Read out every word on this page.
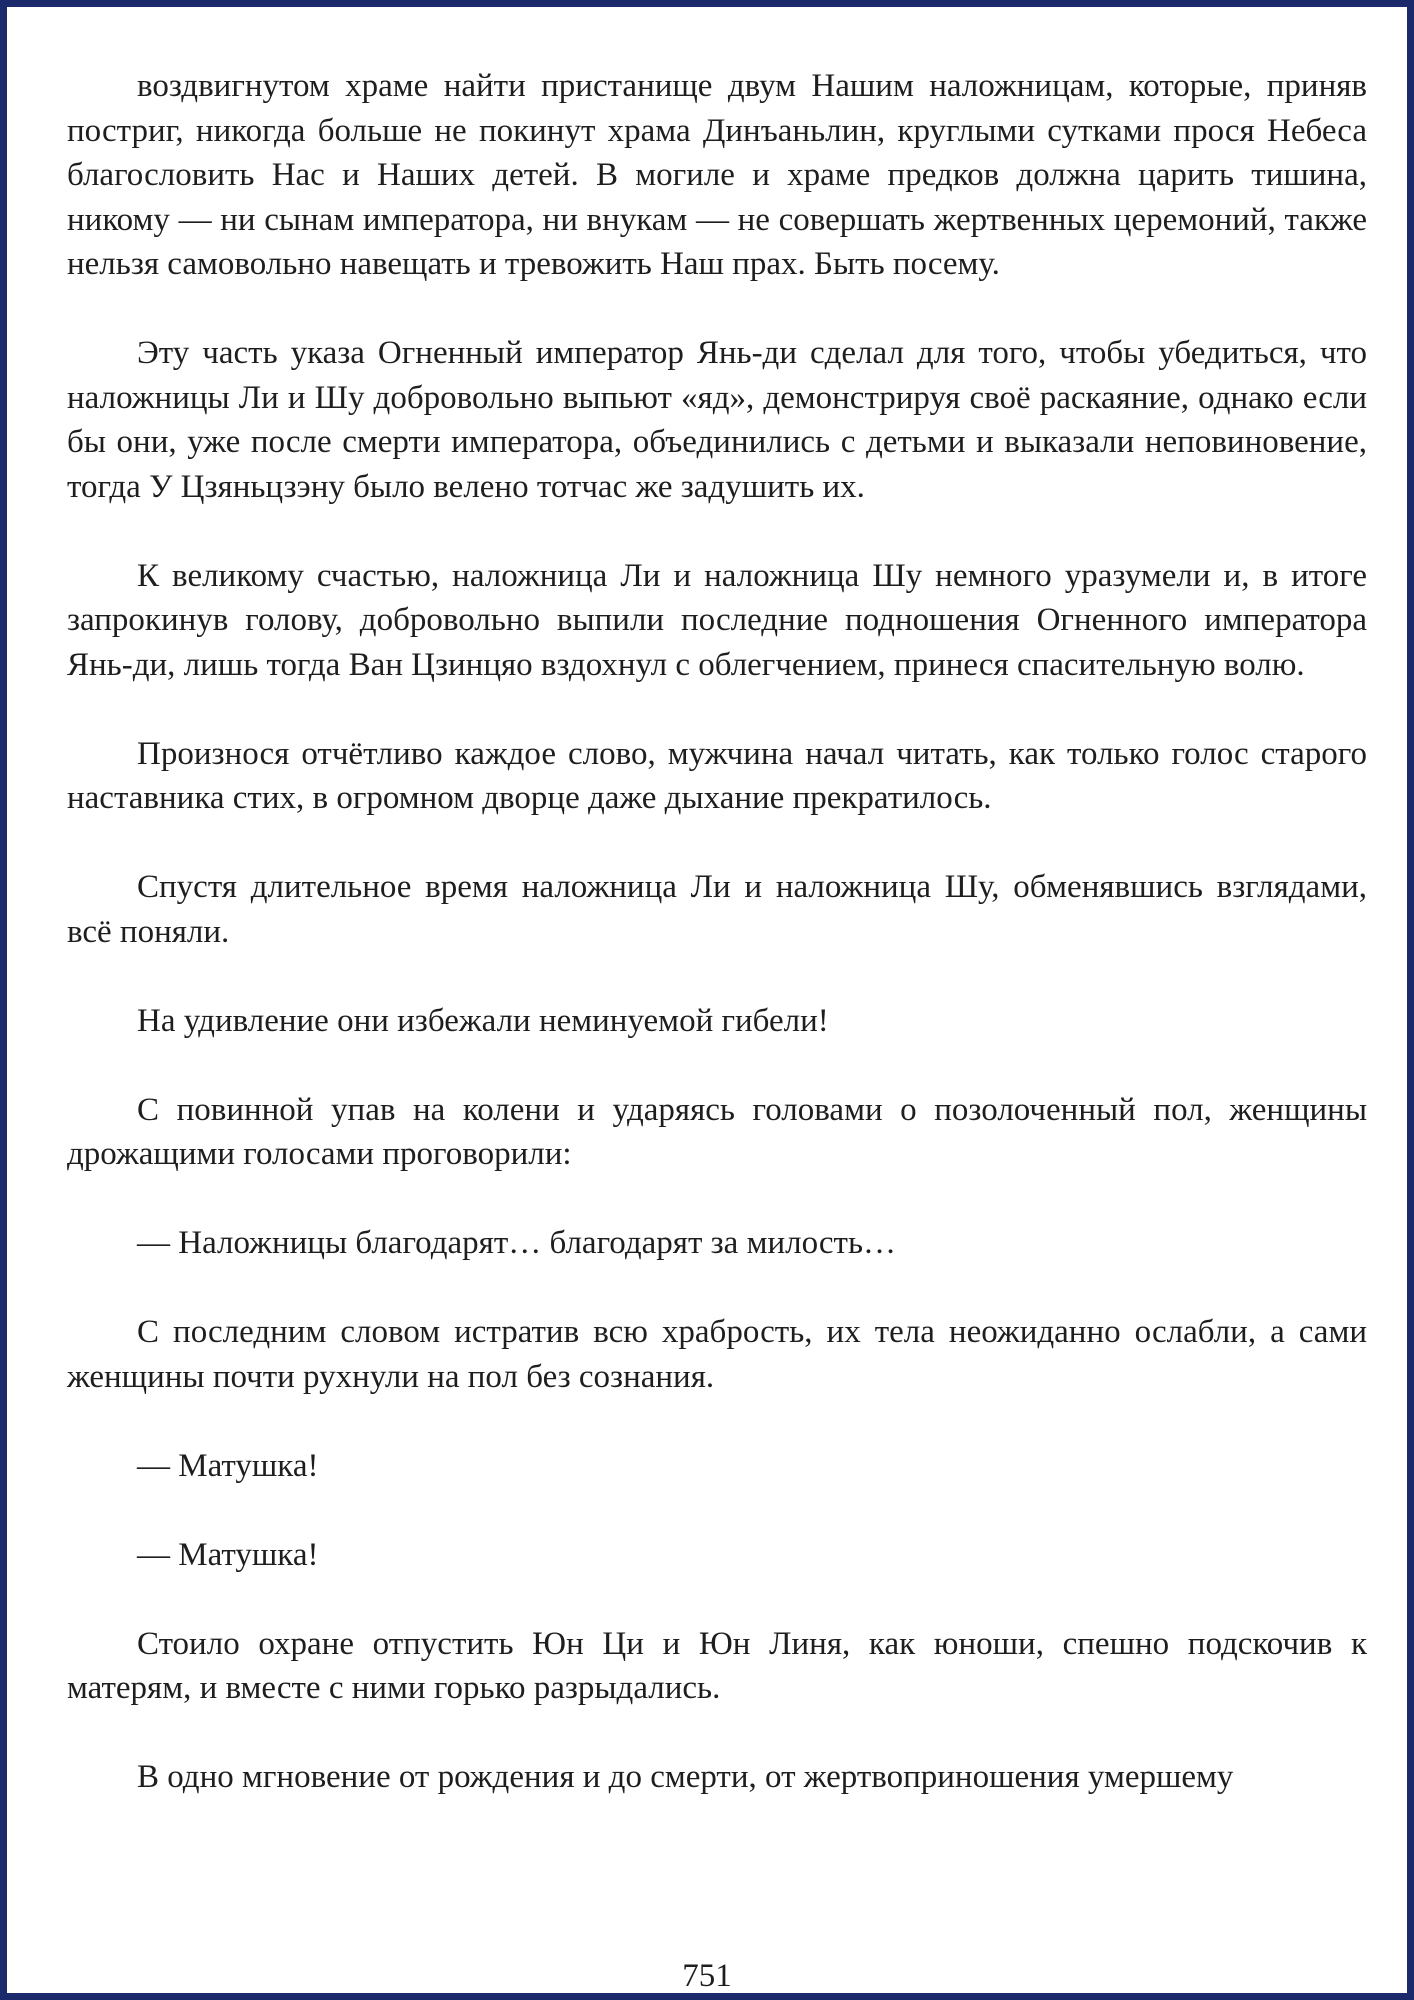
воздвигнутом храме найти пристанище двум Нашим наложницам, которые, приняв постриг, никогда больше не покинут храма Динъаньлин, круглыми сутками прося Небеса благословить Нас и Наших детей. В могиле и храме предков должна царить тишина, никому — ни сынам императора, ни внукам — не совершать жертвенных церемоний, также нельзя самовольно навещать и тревожить Наш прах. Быть посему.

Эту часть указа Огненный император Янь-ди сделал для того, чтобы убедиться, что наложницы Ли и Шу добровольно выпьют «яд», демонстрируя своё раскаяние, однако если бы они, уже после смерти императора, объединились с детьми и выказали неповиновение, тогда У Цзяньцзэну было велено тотчас же задушить их.

К великому счастью, наложница Ли и наложница Шу немного уразумели и, в итоге запрокинув голову, добровольно выпили последние подношения Огненного императора Янь-ди, лишь тогда Ван Цзинцяо вздохнул с облегчением, принеся спасительную волю.

Произнося отчётливо каждое слово, мужчина начал читать, как только голос старого наставника стих, в огромном дворце даже дыхание прекратилось.

Спустя длительное время наложница Ли и наложница Шу, обменявшись взглядами, всё поняли.

На удивление они избежали неминуемой гибели!

С повинной упав на колени и ударяясь головами о позолоченный пол, женщины дрожащими голосами проговорили:

— Наложницы благодарят… благодарят за милость…

С последним словом истратив всю храбрость, их тела неожиданно ослабли, а сами женщины почти рухнули на пол без сознания.

— Матушка!

— Матушка!

Стоило охране отпустить Юн Ци и Юн Линя, как юноши, спешно подскочив к матерям, и вместе с ними горько разрыдались.

В одно мгновение от рождения и до смерти, от жертвоприношения умершему

751
